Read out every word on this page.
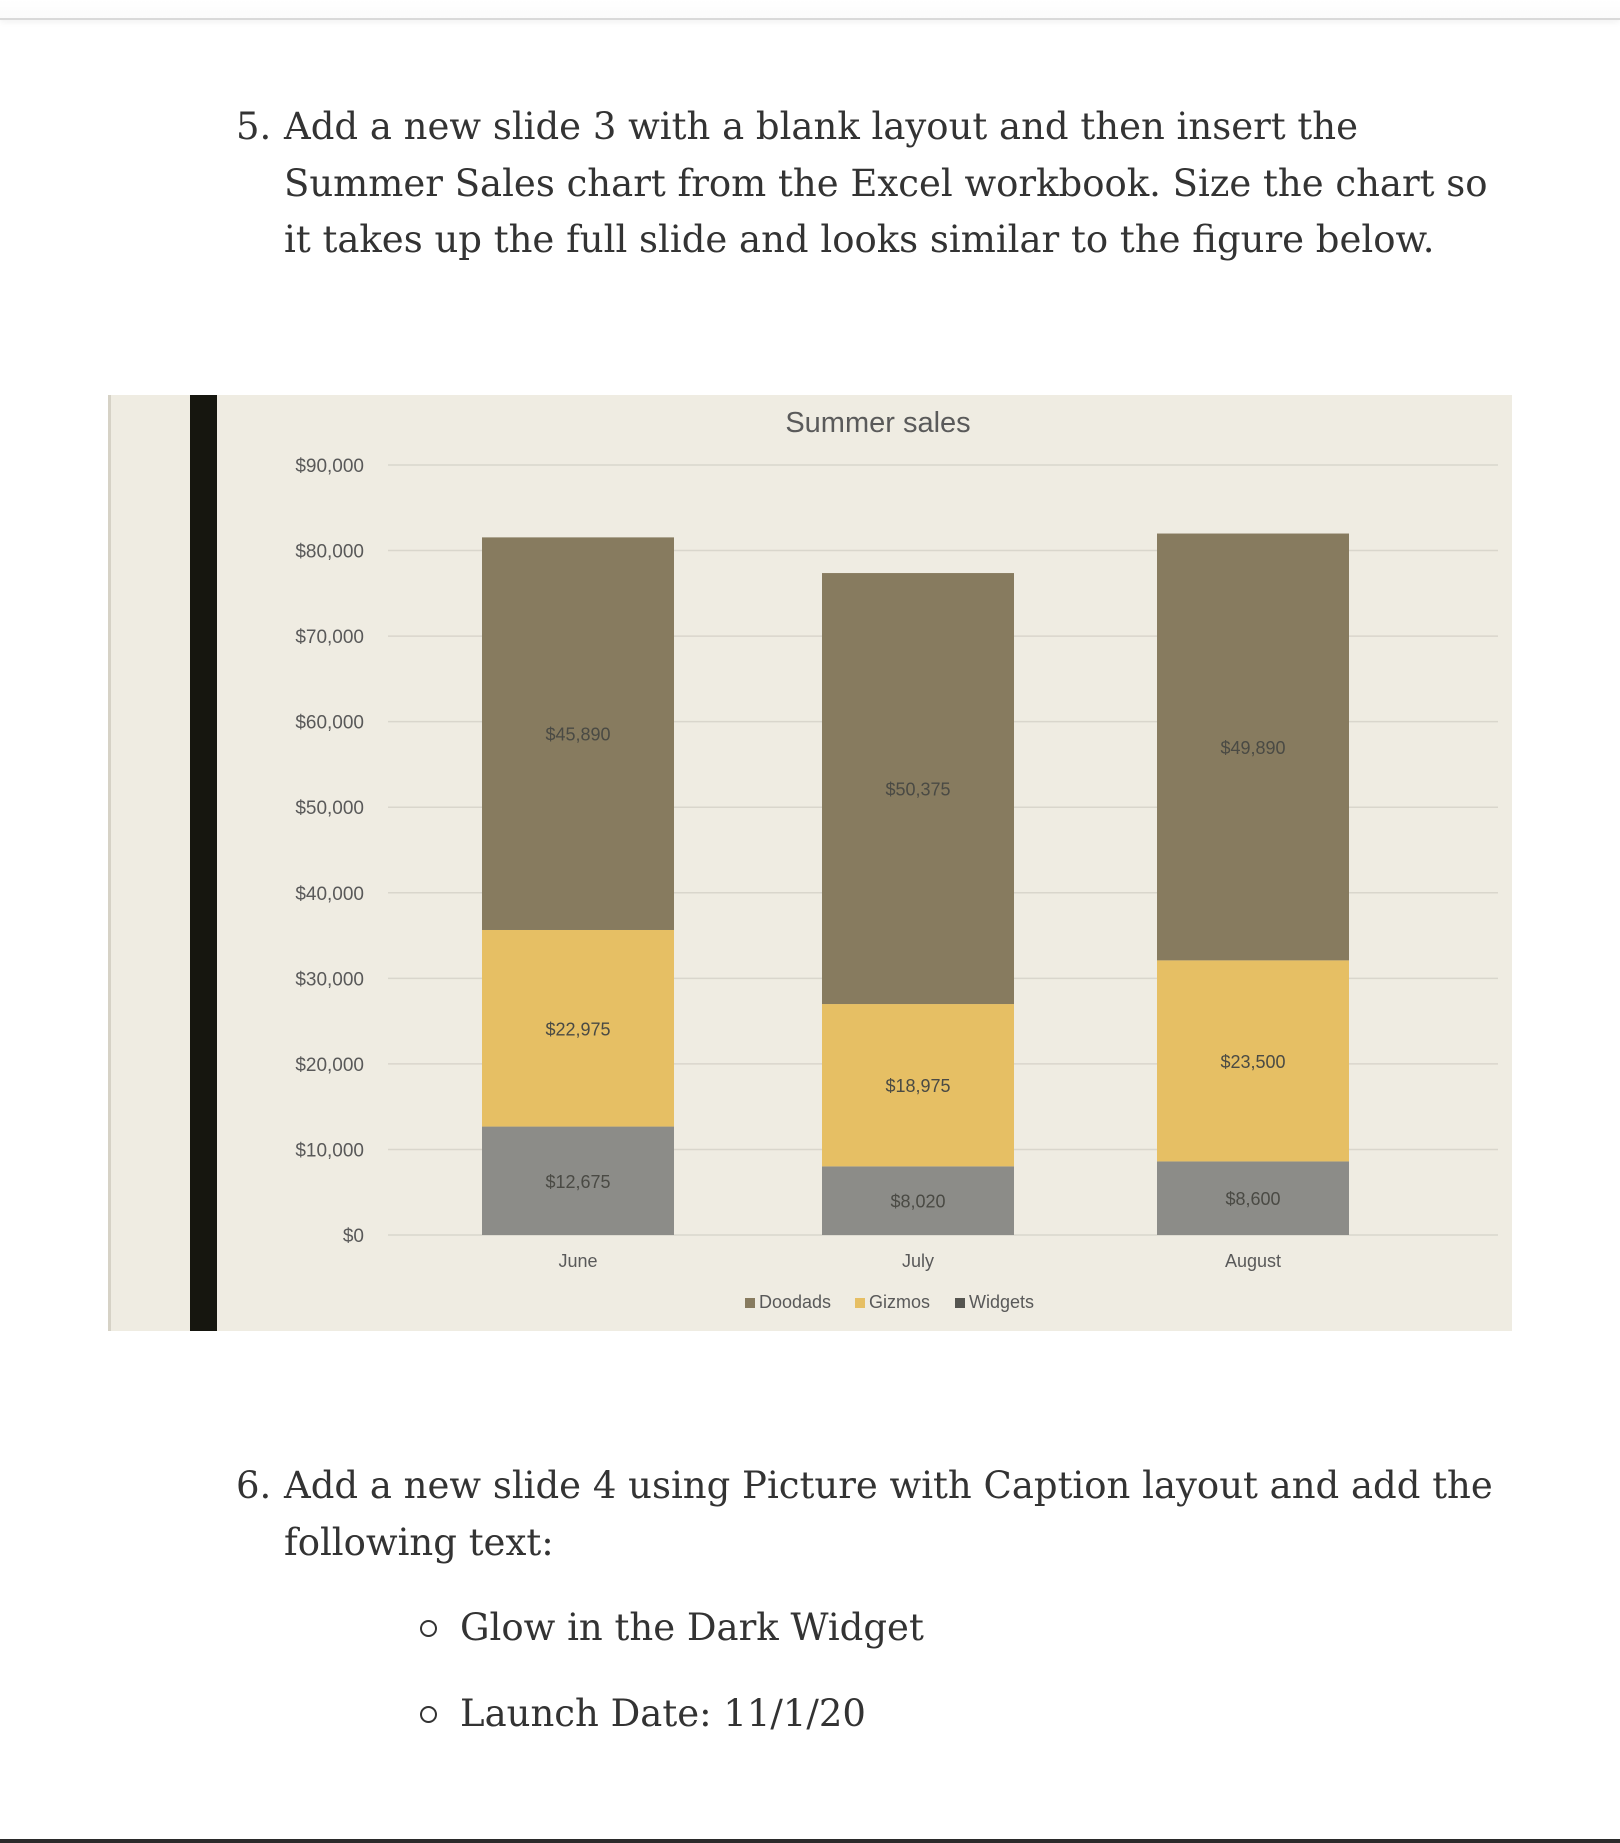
5. Add a new slide 3 with a blank layout and then insert the Summer Sales chart from the Excel workbook. Size the chart so it takes up the full slide and looks similar to the figure below.
Summer sales
$0
$10,000
$20,000
$30,000
$40,000
$50,000
$60,000
$70,000
$80,000
$90,000
$12,675
$22,975
$45,890
June
$8,020
$18,975
$50,375
July
$8,600
$23,500
$49,890
August
Doodads Gizmos Widgets
6. Add a new slide 4 using Picture with Caption layout and add the following text:
Glow in the Dark Widget
Launch Date: 11/1/20
